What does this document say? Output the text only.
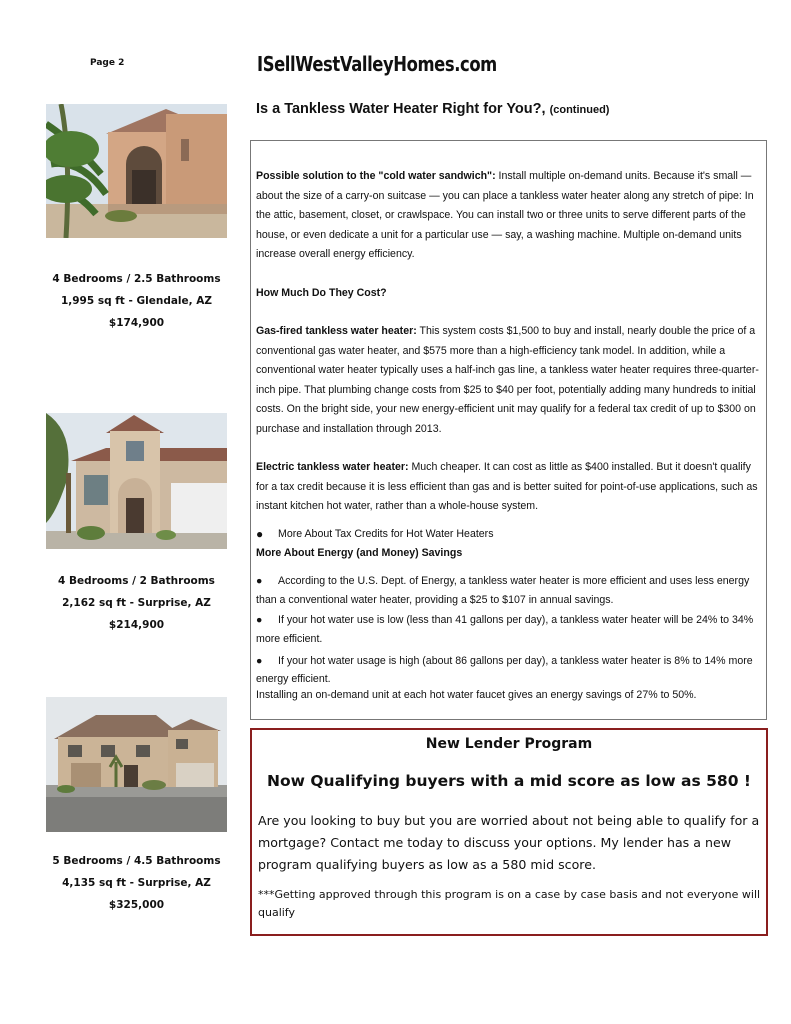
Page 2	ISellWestValleyHomes.com
Is a Tankless Water Heater Right for You?, (continued)
4 Bedrooms / 2.5 Bathrooms
1,995 sq ft - Glendale, AZ
$174,900
4 Bedrooms / 2 Bathrooms
2,162 sq ft - Surprise, AZ
$214,900
5 Bedrooms / 4.5 Bathrooms
4,135 sq ft - Surprise, AZ
$325,000

Possible solution to the "cold water sandwich": Install multiple on-demand units. Because it's small — about the size of a carry-on suitcase — you can place a tankless water heater along any stretch of pipe: In the attic, basement, closet, or crawlspace. You can install two or three units to serve different parts of the house, or even dedicate a unit for a particular use — say, a washing machine. Multiple on-demand units increase overall energy efficiency.

How Much Do They Cost?

Gas-fired tankless water heater: This system costs $1,500 to buy and install, nearly double the price of a conventional gas water heater, and $575 more than a high-efficiency tank model. In addition, while a conventional water heater typically uses a half-inch gas line, a tankless water heater requires three-quarter-inch pipe. That plumbing change costs from $25 to $40 per foot, potentially adding many hundreds to initial costs. On the bright side, your new energy-efficient unit may qualify for a federal tax credit of up to $300 on purchase and installation through 2013.

Electric tankless water heater: Much cheaper. It can cost as little as $400 installed. But it doesn't qualify for a tax credit because it is less efficient than gas and is better suited for point-of-use applications, such as instant kitchen hot water, rather than a whole-house system.

●	More About Tax Credits for Hot Water Heaters

More About Energy (and Money) Savings

● According to the U.S. Dept. of Energy, a tankless water heater is more efficient and uses less energy than a conventional water heater, providing a $25 to $107 in annual savings.

● If your hot water use is low (less than 41 gallons per day), a tankless water heater will be 24% to 34% more efficient.

● If your hot water usage is high (about 86 gallons per day), a tankless water heater is 8% to 14% more energy efficient.

Installing an on-demand unit at each hot water faucet gives an energy savings of 27% to 50%.

New Lender Program
Now Qualifying buyers with a mid score as low as 580 !
Are you looking to buy but you are worried about not being able to qualify for a mortgage? Contact me today to discuss your options. My lender has a new program qualifying buyers as low as a 580 mid score.
***Getting approved through this program is on a case by case basis and not everyone will qualify
